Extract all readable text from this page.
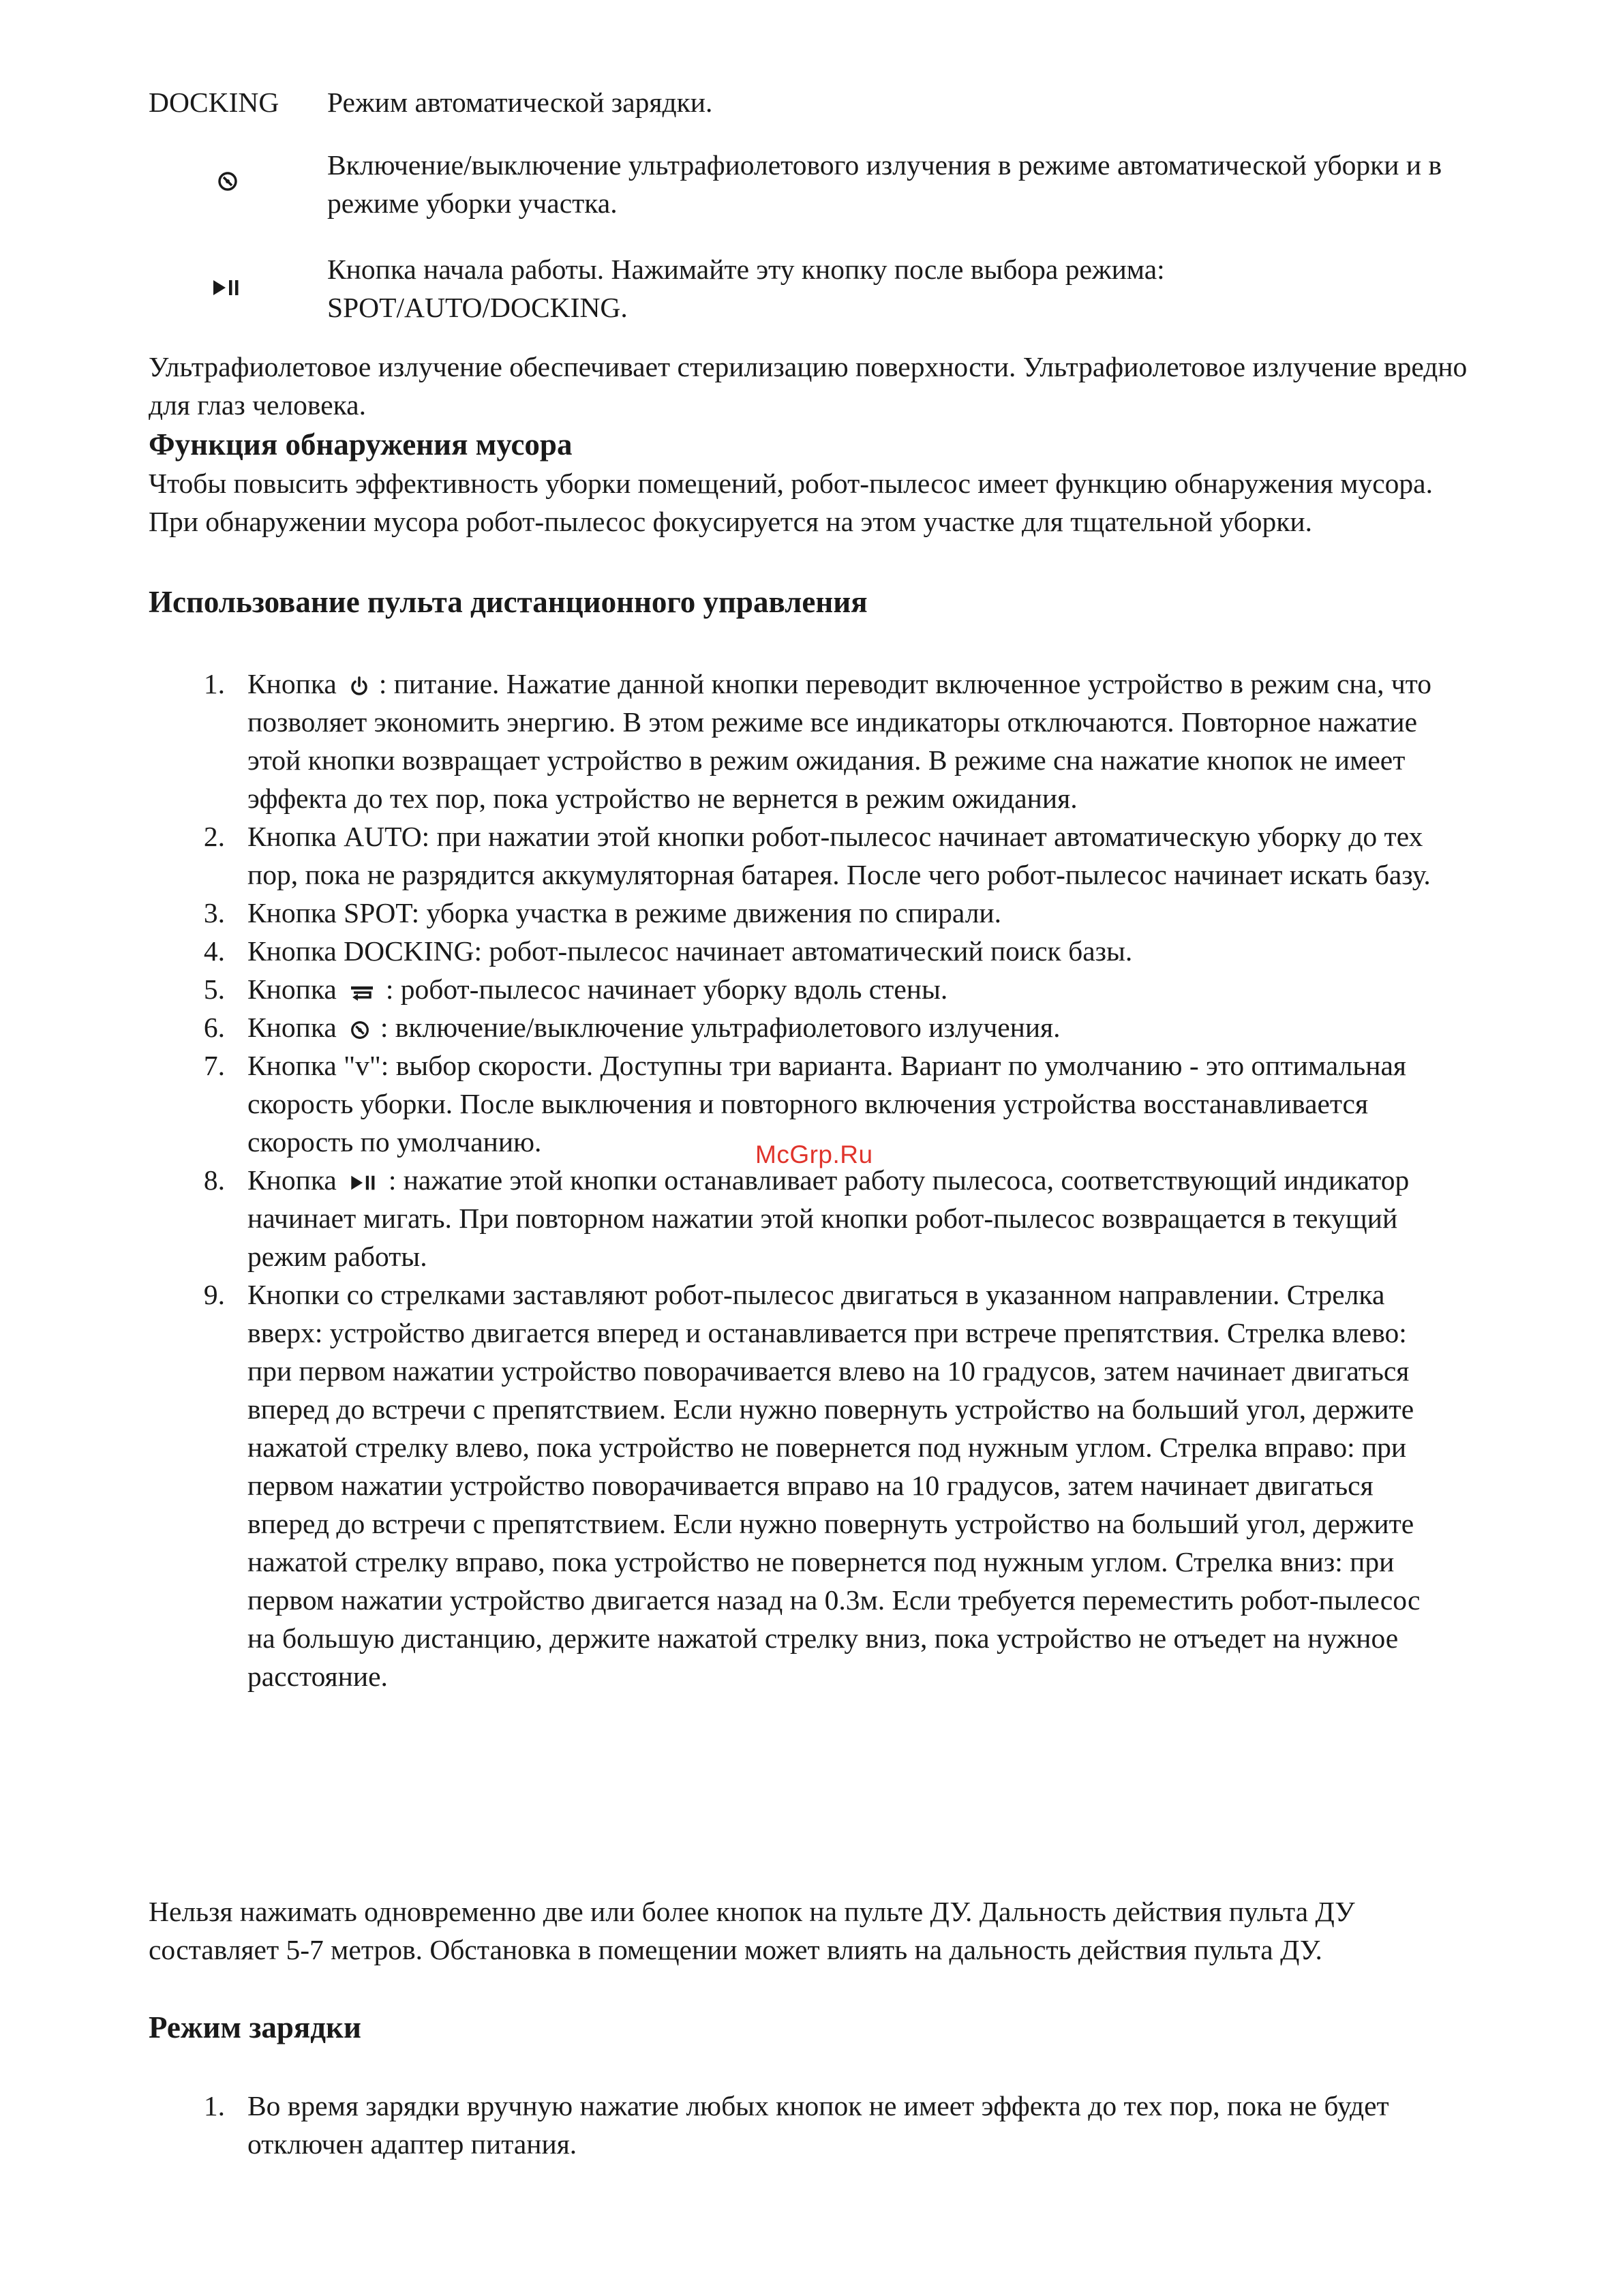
DOCKING Режим автоматической зарядки.
Включение/выключение ультрафиолетового излучения в режиме автоматической уборки и в режиме уборки участка.
Кнопка начала работы. Нажимайте эту кнопку после выбора режима: SPOT/AUTO/DOCKING.

Ультрафиолетовое излучение обеспечивает стерилизацию поверхности. Ультрафиолетовое излучение вредно для глаз человека.

Функция обнаружения мусора

Чтобы повысить эффективность уборки помещений, робот-пылесос имеет функцию обнаружения мусора. При обнаружении мусора робот-пылесос фокусируется на этом участке для тщательной уборки.

Использование пульта дистанционного управления
1. Кнопка : питание. Нажатие данной кнопки переводит включенное устройство в режим сна, что позволяет экономить энергию. В этом режиме все индикаторы отключаются. Повторное нажатие этой кнопки возвращает устройство в режим ожидания. В режиме сна нажатие кнопок не имеет эффекта до тех пор, пока устройство не вернется в режим ожидания.
2. Кнопка AUTO: при нажатии этой кнопки робот-пылесос начинает автоматическую уборку до тех пор, пока не разрядится аккумуляторная батарея. После чего робот-пылесос начинает искать базу.
3. Кнопка SPOT: уборка участка в режиме движения по спирали.
4. Кнопка DOCKING: робот-пылесос начинает автоматический поиск базы.
5. Кнопка : робот-пылесос начинает уборку вдоль стены.
6. Кнопка : включение/выключение ультрафиолетового излучения.
7. Кнопка "v": выбор скорости. Доступны три варианта. Вариант по умолчанию - это оптимальная скорость уборки. После выключения и повторного включения устройства восстанавливается скорость по умолчанию.
8. Кнопка : нажатие этой кнопки останавливает работу пылесоса, соответствующий индикатор начинает мигать. При повторном нажатии этой кнопки робот-пылесос возвращается в текущий режим работы.
9. Кнопки со стрелками заставляют робот-пылесос двигаться в указанном направлении. Стрелка вверх: устройство двигается вперед и останавливается при встрече препятствия. Стрелка влево: при первом нажатии устройство поворачивается влево на 10 градусов, затем начинает двигаться вперед до встречи с препятствием. Если нужно повернуть устройство на больший угол, держите нажатой стрелку влево, пока устройство не повернется под нужным углом. Стрелка вправо: при первом нажатии устройство поворачивается вправо на 10 градусов, затем начинает двигаться вперед до встречи с препятствием. Если нужно повернуть устройство на больший угол, держите нажатой стрелку вправо, пока устройство не повернется под нужным углом. Стрелка вниз: при первом нажатии устройство двигается назад на 0.3м. Если требуется переместить робот-пылесос на большую дистанцию, держите нажатой стрелку вниз, пока устройство не отъедет на нужное расстояние.

Нельзя нажимать одновременно две или более кнопок на пульте ДУ. Дальность действия пульта ДУ составляет 5-7 метров. Обстановка в помещении может влиять на дальность действия пульта ДУ.

Режим зарядки
1. Во время зарядки вручную нажатие любых кнопок не имеет эффекта до тех пор, пока не будет отключен адаптер питания.
McGrp.Ru
